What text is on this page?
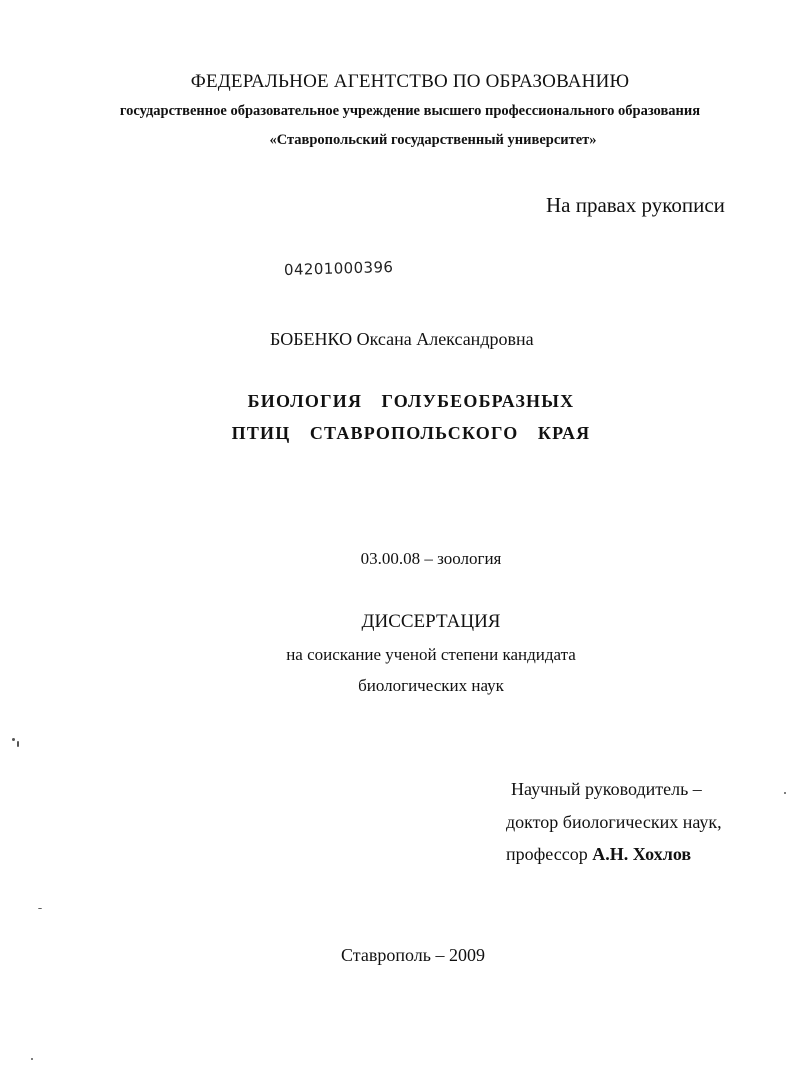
ФЕДЕРАЛЬНОЕ АГЕНТСТВО ПО ОБРАЗОВАНИЮ
государственное образовательное учреждение высшего профессионального образования
«Ставропольский государственный университет»
На правах рукописи
04201000396
БОБЕНКО Оксана Александровна
БИОЛОГИЯ  ГОЛУБЕОБРАЗНЫХ
ПТИЦ  СТАВРОПОЛЬСКОГО  КРАЯ
03.00.08 – зоология
ДИССЕРТАЦИЯ
на соискание ученой степени кандидата
биологических наук
Научный руководитель –
доктор биологических наук,
профессор А.Н. Хохлов
Ставрополь – 2009
